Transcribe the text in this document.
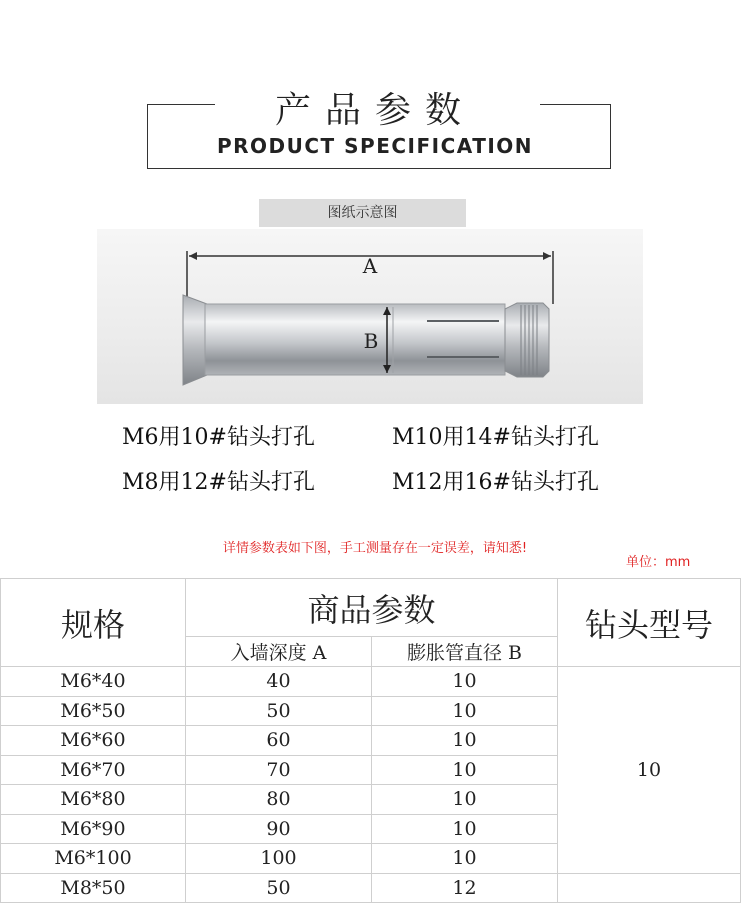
产品参数
PRODUCT SPECIFICATION
图纸示意图
A
B
M6用10#钻头打孔	M10用14#钻头打孔
M8用12#钻头打孔	M12用16#钻头打孔
详情参数表如下图，手工测量存在一定误差，请知悉!
单位：mm
规格	商品参数		钻头型号
	入墙深度 A	膨胀管直径 B	
M6*40	40	10	10
M6*50	50	10	
M6*60	60	10	
M6*70	70	10	
M6*80	80	10	
M6*90	90	10	
M6*100	100	10	
M8*50	50	12	
